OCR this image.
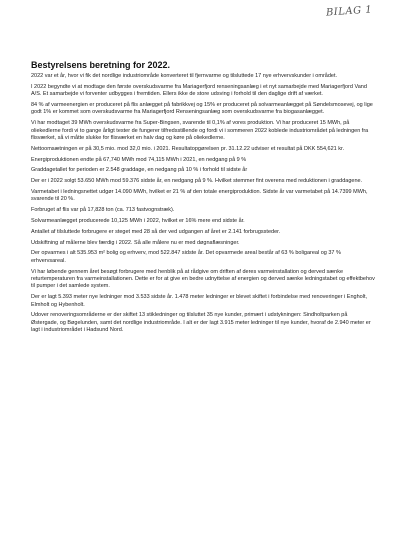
BILAG 1
Bestyrelsens beretning for 2022.

2022 var et år, hvor vi fik det nordlige industriområde konverteret til fjernvarme og tilsluttede 17 nye erhvervskunder i området.

I 2022 begyndte vi at modtage den første overskudsvarme fra Mariagerfjord renseningsanlæg i et nyt samarbejde med Mariagerfjord Vand A/S. Et samarbejde vi forventer udbygges i fremtiden. Ellers ikke de store udsving i forhold til den daglige drift af værket.

84 % af varmeenergien er produceret på flis anlægget på fabrikkvej og 15% er produceret på solvarmeanlægget på Søndelsmosevej, og lige godt 1% er kommet som overskudsvarme fra Mariagerfjord Renseningsanlæg som overskudsvarme fra biogasanlægget.

Vi har modtaget 39 MWh overskudsvarme fra Super-Bingsen, svarende til 0,1% af vores produktion. Vi har produceret 15 MWh, på oliekedlerne fordi vi to gange årligt tester de fungerer tilfredsstillende og fordi vi i sommeren 2022 koblede industriområdet på ledningen fra flisværket, så vi måtte slukke for flisværket en halv dag og køre på oliekedlerne.

Nettoomsætningen er på 30,5 mio. mod 32,0 mio. i 2021. Resultatopgørelsen pr. 31.12.22 udviser et resultat på DKK 554,621 kr.

Energiproduktionen endte på 67,740 MWh mod 74,115 MWh i 2021, en nedgang på 9 %

Graddagetallet for perioden er 2.548 graddage, en nedgang på 10 % i forhold til sidste år

Der er i 2022 solgt 53.650 MWh mod 59.376 sidste år, en nedgang på 9 %. Hvilket stemmer fint overens med reduktionen i graddagene.

Varmetabet i ledningsnettet udgør 14.090 MWh, hvilket er 21 % af den totale energiproduktion. Sidste år var varmetabet på 14.7399 MWh, svarende til 20 %.

Forbruget af flis var på 17,828 ton (ca. 713 fastvognstræk).

Solvarmeanlægget producerede 10,125 MWh i 2022, hvilket er 16% mere end sidste år.

Antallet af tilsluttede forbrugere er steget med 28 så der ved udgangen af året er 2.141 forbrugssteder.

Udskiftning af målerne blev færdig i 2022. Så alle målere nu er med døgnaflæsninger.

Der opvarmes i alt 535.953 m² bolig og erhverv, mod 522.847 sidste år. Det opvarmede areal består af 63 % boligareal og 37 % erhvervsareal.

Vi har løbende gennem året besøgt forbrugere med henblik på at rådgive om driften af deres varmeinstallation og derved sænke returtemperaturen fra varmeinstallationen. Dette er for at give en bedre udnyttelse af energien og derved sænke ledningstabet og effektbehov til pumper i det samlede system.

Der er lagt 5.393 meter nye ledninger mod 3.533 sidste år. 1.478 meter ledninger er blevet skiftet i forbindelse med renoveringer i Engholt, Elmholt og Hybenholt.

Udover renoveringsområderne er der skiftet 13 stikledninger og tilsluttet 35 nye kunder, primært i udstykningen: Sindholtparken på Østergade, og Bøgelunden, samt det nordlige industriområde. I alt er der lagt 3.915 meter ledninger til nye kunder, hvoraf de 2.940 meter er lagt i industriområdet i Hadsund Nord.
